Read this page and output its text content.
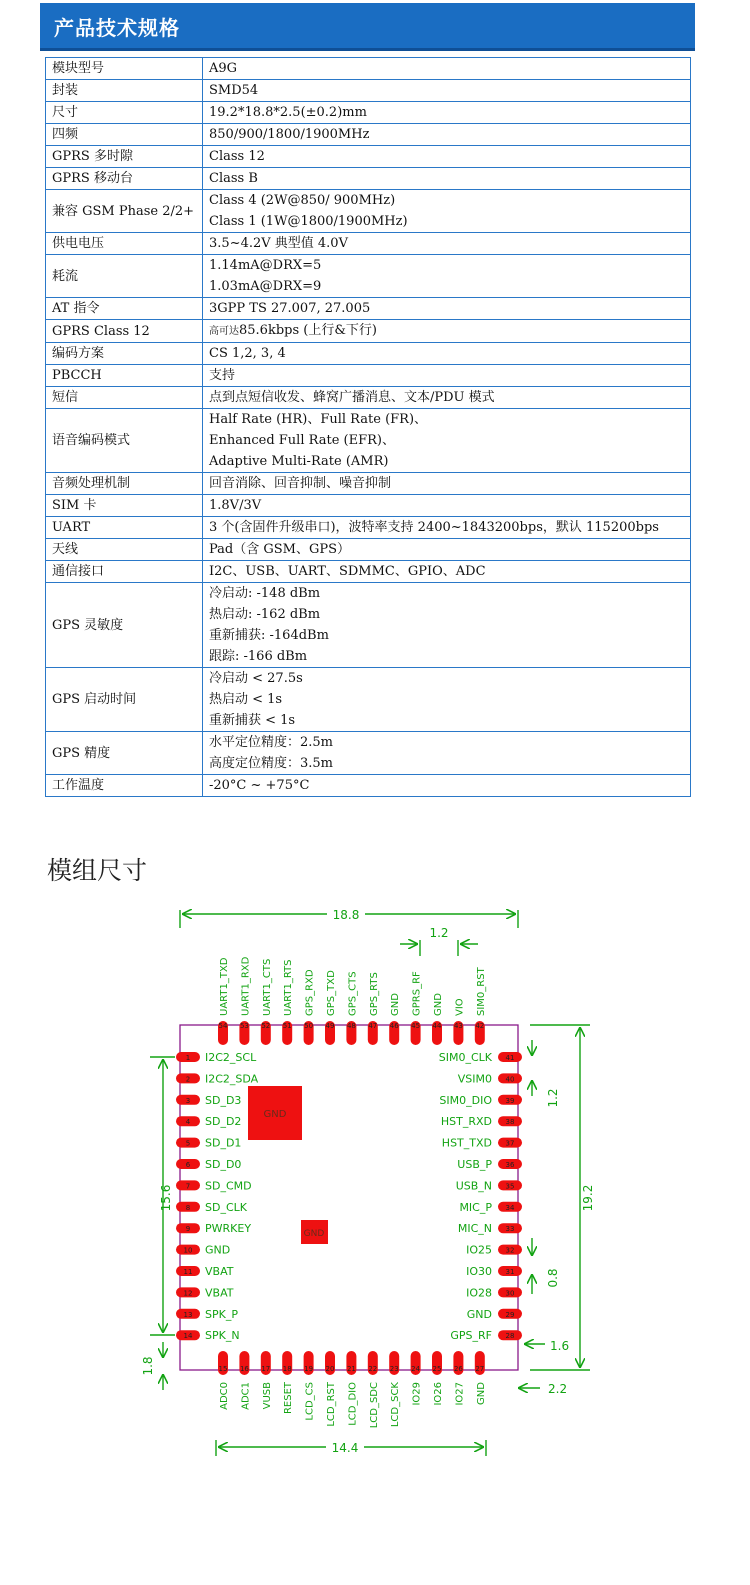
产品技术规格
模块型号	A9G
封装	SMD54
尺寸	19.2*18.8*2.5(±0.2)mm
四频	850/900/1800/1900MHz
GPRS 多时隙	Class 12
GPRS 移动台	Class B
兼容 GSM Phase 2/2+	Class 4 (2W@850/ 900MHz)
Class 1 (1W@1800/1900MHz)
供电电压	3.5~4.2V 典型值 4.0V
耗流	1.14mA@DRX=5
1.03mA@DRX=9
AT 指令	3GPP TS 27.007, 27.005
GPRS Class 12	高可达85.6kbps (上行&下行)
编码方案	CS 1,2, 3, 4
PBCCH	支持
短信	点到点短信收发、蜂窝广播消息、文本/PDU 模式
语音编码模式	Half Rate (HR)、Full Rate (FR)、
Enhanced Full Rate (EFR)、
Adaptive Multi-Rate (AMR)
音频处理机制	回音消除、回音抑制、噪音抑制
SIM 卡	1.8V/3V
UART	3 个(含固件升级串口)，波特率支持 2400~1843200bps，默认 115200bps
天线	Pad（含 GSM、GPS）
通信接口	I2C、USB、UART、SDMMC、GPIO、ADC
GPS 灵敏度	冷启动: -148 dBm
热启动: -162 dBm
重新捕获: -164dBm
跟踪: -166 dBm
GPS 启动时间	冷启动 < 27.5s
热启动 < 1s
重新捕获 < 1s
GPS 精度	水平定位精度：2.5m
高度定位精度：3.5m
工作温度	-20°C ~ +75°C
模组尺寸
GND
GND
54
UART1_TXD
53
UART1_RXD
52
UART1_CTS
51
UART1_RTS
50
GPS_RXD
49
GPS_TXD
48
GPS_CTS
47
GPS_RTS
46
GND
45
GPRS_RF
44
GND
43
VIO
42
SIM0_RST
15
ADC0
16
ADC1
17
VUSB
18
RESET
19
LCD_CS
20
LCD_RST
21
LCD_DIO
22
LCD_SDC
23
LCD_SCK
24
IO29
25
IO26
26
IO27
27
GND
1 I2C2_SCL
2 I2C2_SDA
3 SD_D3
4 SD_D2
5 SD_D1
6 SD_D0
7 SD_CMD
8 SD_CLK
9 PWRKEY
10 GND
11 VBAT
12 VBAT
13 SPK_P
14 SPK_N
41
SIM0_CLK
40
VSIM0
39
SIM0_DIO
38
HST_RXD
37
HST_TXD
36
USB_P
35
USB_N
34
MIC_P
33
MIC_N
32
IO25
31
IO30
30
IO28
29
GND
28
GPS_RF
18.8
1.2
19.2
15.6
1.2
0.8
1.6
2.2
1.8
14.4
